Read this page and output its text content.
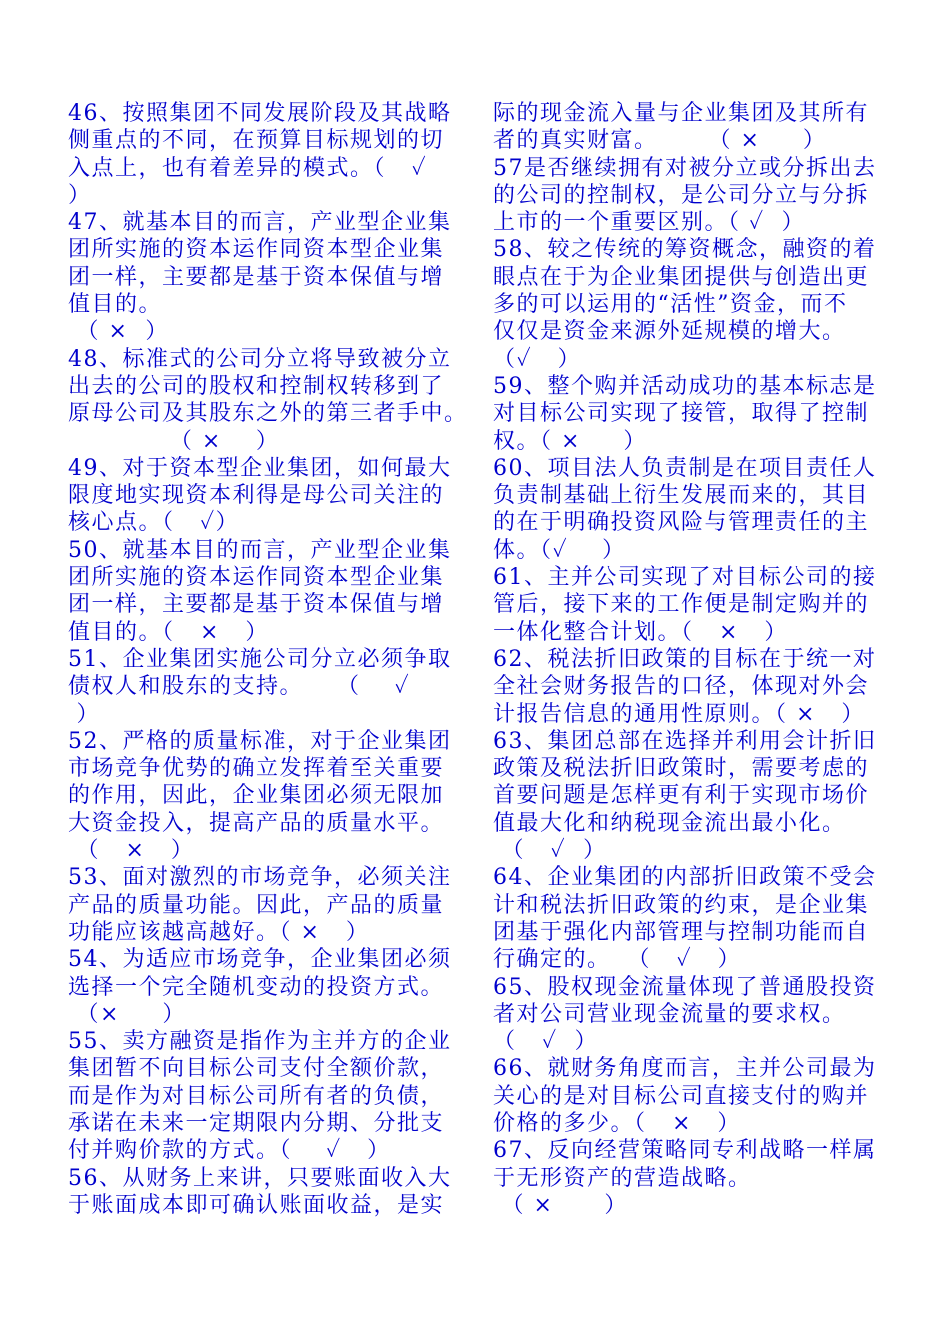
46、按照集团不同发展阶段及其战略
侧重点的不同，在预算目标规划的切
入点上，也有着差异的模式。（   ✓
）
47、就基本目的而言，产业型企业集
团所实施的资本运作同资本型企业集
团一样，主要都是基于资本保值与增
值目的。
（ ×  ）
48、标准式的公司分立将导致被分立
出去的公司的股权和控制权转移到了
原母公司及其股东之外的第三者手中。
（ ×    ）
49、对于资本型企业集团，如何最大
限度地实现资本利得是母公司关注的
核心点。（   ✓）
50、就基本目的而言，产业型企业集
团所实施的资本运作同资本型企业集
团一样，主要都是基于资本保值与增
值目的。（   ×   ）
51、企业集团实施公司分立必须争取
债权人和股东的支持。    （    ✓
）
52、严格的质量标准，对于企业集团
市场竞争优势的确立发挥着至关重要
的作用，因此，企业集团必须无限加
大资金投入，提高产品的质量水平。
（   ×   ）
53、面对激烈的市场竞争，必须关注
产品的质量功能。因此，产品的质量
功能应该越高越好。（ ×   ）
54、为适应市场竞争，企业集团必须
选择一个完全随机变动的投资方式。
（×     ）
55、卖方融资是指作为主并方的企业
集团暂不向目标公司支付全额价款，
而是作为对目标公司所有者的负债，
承诺在未来一定期限内分期、分批支
付并购价款的方式。（    ✓   ）
56、从财务上来讲，只要账面收入大
于账面成本即可确认账面收益，是实
际的现金流入量与企业集团及其所有
者的真实财富。      （ ×     ）
57是否继续拥有对被分立或分拆出去
的公司的控制权，是公司分立与分拆
上市的一个重要区别。（ ✓  ）
58、较之传统的筹资概念，融资的着
眼点在于为企业集团提供与创造出更
多的可以运用的“活性”资金，而不
仅仅是资金来源外延规模的增大。
（✓   ）
59、整个购并活动成功的基本标志是
对目标公司实现了接管，取得了控制
权。（ ×     ）
60、项目法人负责制是在项目责任人
负责制基础上衍生发展而来的，其目
的在于明确投资风险与管理责任的主
体。（✓    ）
61、主并公司实现了对目标公司的接
管后，接下来的工作便是制定购并的
一体化整合计划。（   ×   ）
62、税法折旧政策的目标在于统一对
全社会财务报告的口径，体现对外会
计报告信息的通用性原则。（ ×   ）
63、集团总部在选择并利用会计折旧
政策及税法折旧政策时，需要考虑的
首要问题是怎样更有利于实现市场价
值最大化和纳税现金流出最小化。
（   ✓  ）
64、企业集团的内部折旧政策不受会
计和税法折旧政策的约束，是企业集
团基于强化内部管理与控制功能而自
行确定的。  （   ✓   ）
65、股权现金流量体现了普通股投资
者对公司营业现金流量的要求权。
（   ✓  ）
66、就财务角度而言，主并公司最为
关心的是对目标公司直接支付的购并
价格的多少。（   ×   ）
67、反向经营策略同专利战略一样属
于无形资产的营造战略。
（ ×      ）
